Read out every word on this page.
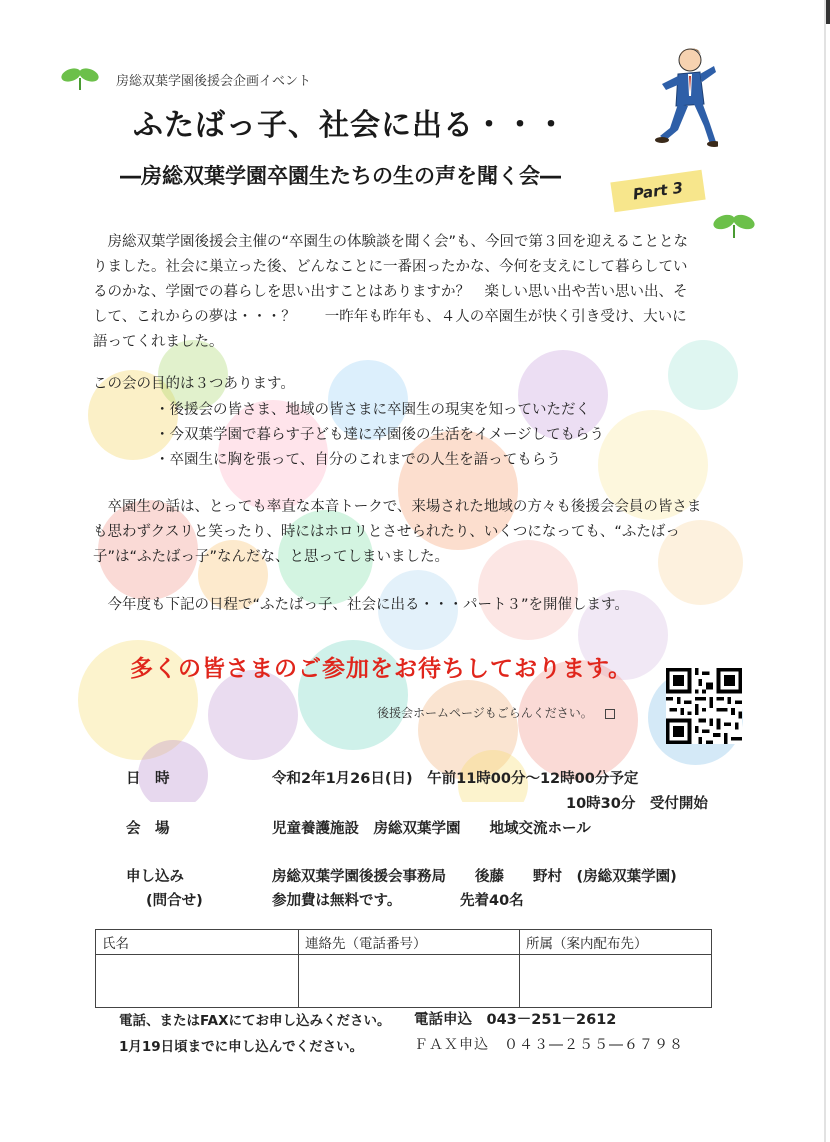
房総双葉学園後援会企画イベント
ふたばっ子、社会に出る・・・
―房総双葉学園卒園生たちの生の声を聞く会―
Part 3
房総双葉学園後援会主催の“卒園生の体験談を聞く会”も、今回で第３回を迎えることとなりました。社会に巣立った後、どんなことに一番困ったかな、今何を支えにして暮らしているのかな、学園での暮らしを思い出すことはありますか？　楽しい思い出や苦い思い出、そして、これからの夢は・・・？　　一昨年も昨年も、４人の卒園生が快く引き受け、大いに語ってくれました。
この会の目的は３つあります。
・後援会の皆さま、地域の皆さまに卒園生の現実を知っていただく
・今双葉学園で暮らす子ども達に卒園後の生活をイメージしてもらう
・卒園生に胸を張って、自分のこれまでの人生を語ってもらう
卒園生の話は、とっても率直な本音トークで、来場された地域の方々も後援会会員の皆さまも思わずクスリと笑ったり、時にはホロリとさせられたり、いくつになっても、“ふたばっ子”は“ふたばっ子”なんだな、と思ってしまいました。
今年度も下記の日程で“ふたばっ子、社会に出る・・・パート３”を開催します。
多くの皆さまのご参加をお待ちしております。
後援会ホームページもごらんください。
日　時	令和2年1月26日(日)　午前11時00分～12時00分予定
10時30分　受付開始
会　場	児童養護施設　房総双葉学園　　地域交流ホール
申し込み	房総双葉学園後援会事務局　　後藤　　野村　(房総双葉学園)
(問合せ)	参加費は無料です。	先着40名
氏名	連絡先（電話番号）	所属（案内配布先）

電話、またはFAXにてお申し込みください。 電話申込　043－251－2612
1月19日頃までに申し込んでください。	ＦＡＸ申込　０４３―２５５―６７９８
